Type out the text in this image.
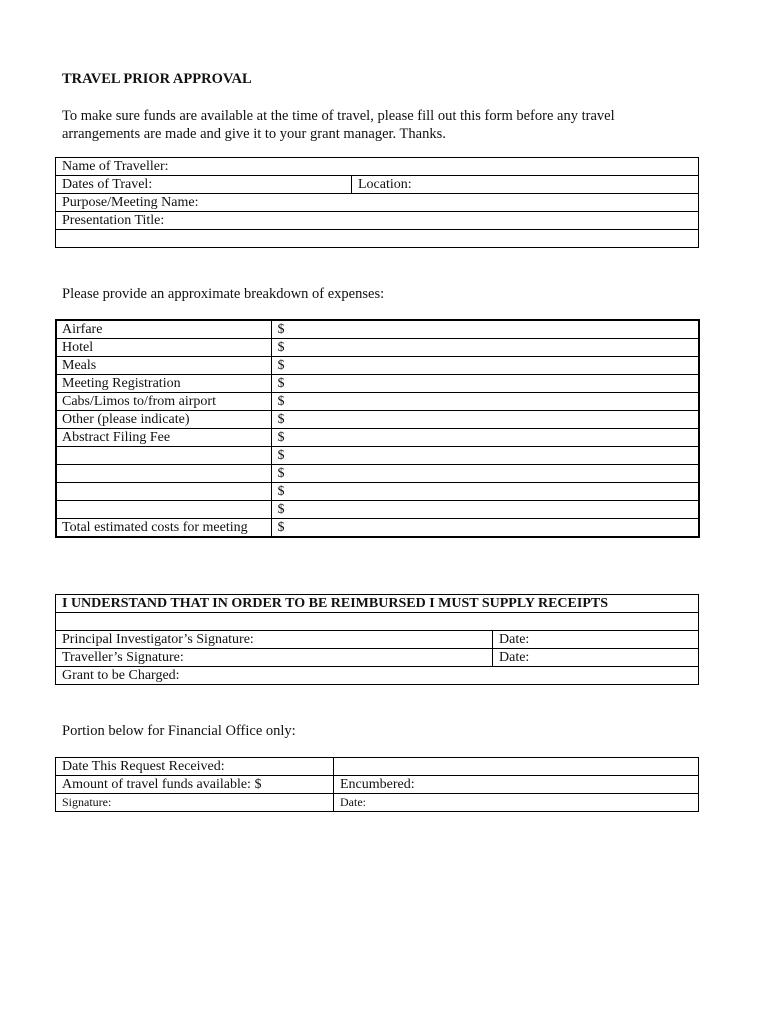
TRAVEL PRIOR APPROVAL
To make sure funds are available at the time of travel, please fill out this form before any travel arrangements are made and give it to your grant manager. Thanks.
Name of Traveller:
Dates of Travel:	Location:
Purpose/Meeting Name:
Presentation Title:

Please provide an approximate breakdown of expenses:
Airfare	$
Hotel	$
Meals	$
Meeting Registration	$
Cabs/Limos to/from airport	$
Other (please indicate)	$
Abstract Filing Fee	$
	$
	$
	$
	$
Total estimated costs for meeting	$
I UNDERSTAND THAT IN ORDER TO BE REIMBURSED I MUST SUPPLY RECEIPTS	

Principal Investigator’s Signature:	Date:
Traveller’s Signature:	Date:
Grant to be Charged:	
Portion below for Financial Office only:
Date This Request Received:	
Amount of travel funds available: $	Encumbered:
Signature:	Date:
